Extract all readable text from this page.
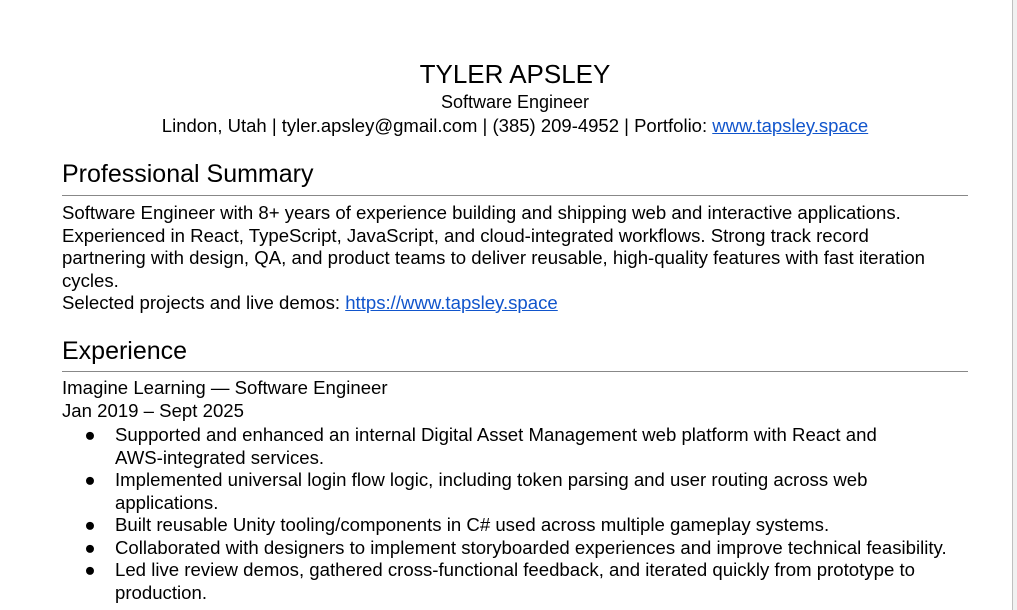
TYLER APSLEY
Software Engineer
Lindon, Utah | tyler.apsley@gmail.com | (385) 209-4952 | Portfolio: www.tapsley.space
Professional Summary
Software Engineer with 8+ years of experience building and shipping web and interactive applications.
Experienced in React, TypeScript, JavaScript, and cloud-integrated workflows. Strong track record
partnering with design, QA, and product teams to deliver reusable, high-quality features with fast iteration
cycles.
Selected projects and live demos: https://www.tapsley.space
Experience
Imagine Learning — Software Engineer
Jan 2019 – Sept 2025
● Supported and enhanced an internal Digital Asset Management web platform with React and
AWS-integrated services.
● Implemented universal login flow logic, including token parsing and user routing across web
applications.
● Built reusable Unity tooling/components in C# used across multiple gameplay systems.
● Collaborated with designers to implement storyboarded experiences and improve technical feasibility.
● Led live review demos, gathered cross-functional feedback, and iterated quickly from prototype to
production.
